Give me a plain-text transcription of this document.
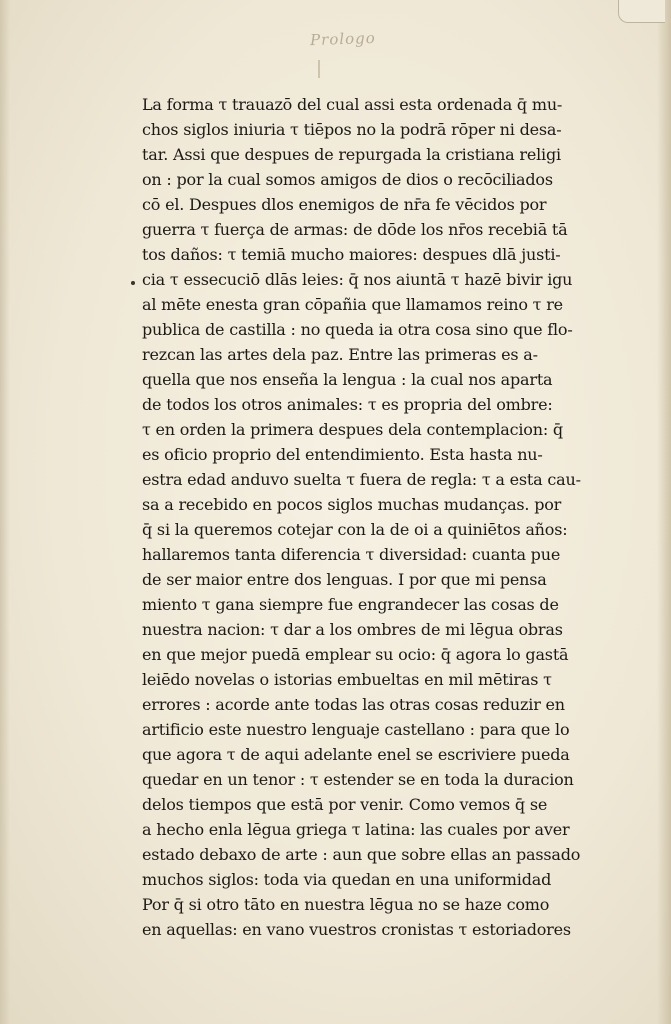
Prologo
La forma τ trauazō del cual assi esta ordenada q̄ mu-
chos siglos iniuria τ tiēpos no la podrā rōper ni desa-
tar. Assi que despues de repurgada la cristiana religi
on : por la cual somos amigos de dios o recōciliados
cō el. Despues dlos enemigos de nr̄a fe vēcidos por
guerra τ fuerça de armas: de dōde los nr̄os recebiā tā
tos daños: τ temiā mucho maiores: despues dlā justi-
cia τ essecuciō dlās leies: q̄ nos aiuntā τ hazē bivir igu
al mēte enesta gran cōpañia que llamamos reino τ re
publica de castilla : no queda ia otra cosa sino que flo-
rezcan las artes dela paz. Entre las primeras es a-
quella que nos enseña la lengua : la cual nos aparta
de todos los otros animales: τ es propria del ombre:
τ en orden la primera despues dela contemplacion: q̄
es oficio proprio del entendimiento. Esta hasta nu-
estra edad anduvo suelta τ fuera de regla: τ a esta cau-
sa a recebido en pocos siglos muchas mudanças. por
q̄ si la queremos cotejar con la de oi a quiniētos años:
hallaremos tanta diferencia τ diversidad: cuanta pue
de ser maior entre dos lenguas. I por que mi pensa
miento τ gana siempre fue engrandecer las cosas de
nuestra nacion: τ dar a los ombres de mi lēgua obras
en que mejor puedā emplear su ocio: q̄ agora lo gastā
leiēdo novelas o istorias embueltas en mil mētiras τ
errores : acorde ante todas las otras cosas reduzir en
artificio este nuestro lenguaje castellano : para que lo
que agora τ de aqui adelante enel se escriviere pueda
quedar en un tenor : τ estender se en toda la duracion
delos tiempos que estā por venir. Como vemos q̄ se
a hecho enla lēgua griega τ latina: las cuales por aver
estado debaxo de arte : aun que sobre ellas an passado
muchos siglos: toda via quedan en una uniformidad
Por q̄ si otro tāto en nuestra lēgua no se haze como
en aquellas: en vano vuestros cronistas τ estoriadores
